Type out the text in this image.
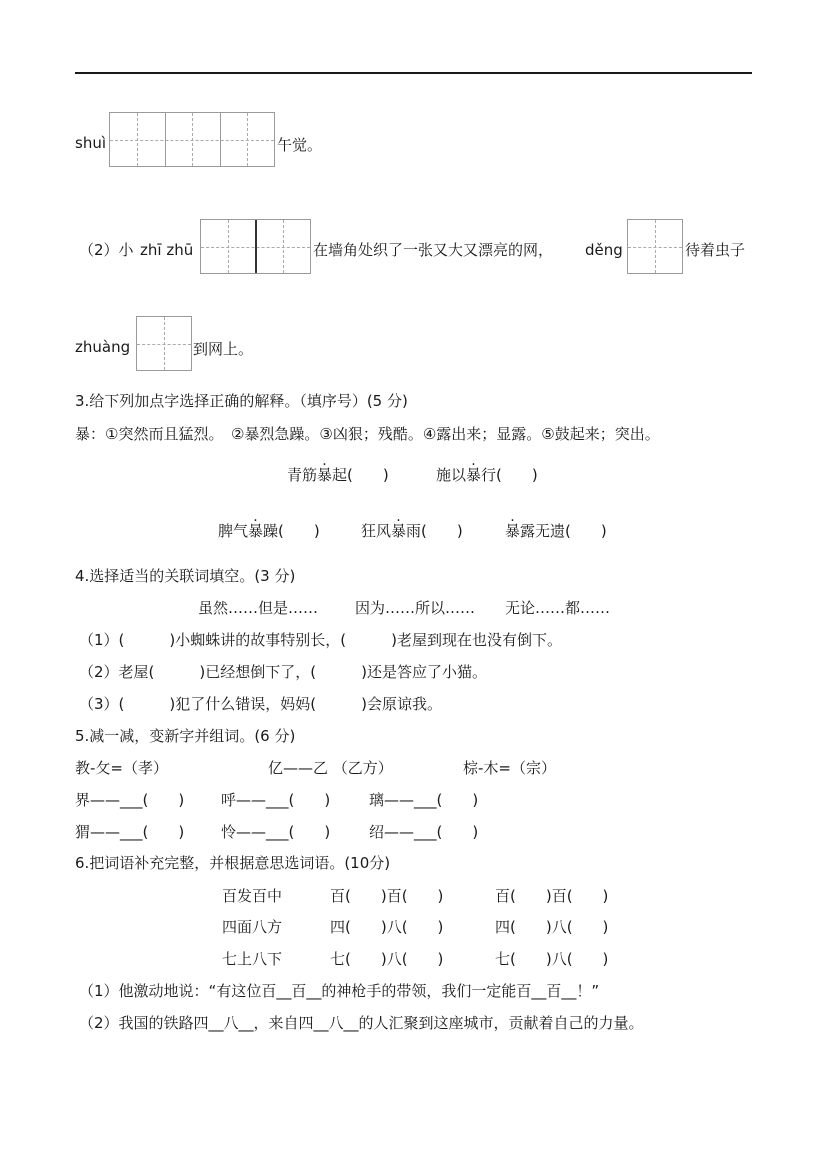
shuì	午觉。
（2）小 zhī zhū	在墙角处织了一张又大又漂亮的网， děng	待着虫子
zhuàng	到网上。
3.给下列加点字选择正确的解释。（填序号）(5 分)
暴：①突然而且猛烈。　②暴烈急躁。③凶狠；残酷。④露出来；显露。⑤鼓起来；突出。
青筋暴起(　　)	施以暴行(　　)
脾气暴躁(　　)	狂风暴雨(　　)	暴露无遗(　　)
4.选择适当的关联词填空。(3 分)
虽然……但是…… 因为……所以…… 无论……都……
（1）(　　　)小蜘蛛讲的故事特别长，(　　　)老屋到现在也没有倒下。
（2）老屋(　　　)已经想倒下了，(　　　)还是答应了小猫。
（3）(　　　)犯了什么错误，妈妈(　　　)会原谅我。
5.减一减，变新字并组词。(6 分)
教-攵=（孝）	亿——乙 （乙方）	棕-木=（宗）
界——___(　　) 呼——___(　　)	璃——___(　　)
猬——___(　　) 怜——___(　　)	绍——___(　　)
6.把词语补充完整，并根据意思选词语。(10分)
百发百中	百(　　)百(　　)	百(　　)百(　　)
四面八方	四(　　)八(　　)	四(　　)八(　　)
七上八下	七(　　)八(　　)	七(　　)八(　　)
（1）他激动地说：“有这位百__百__的神枪手的带领，我们一定能百__百__！”
（2）我国的铁路四__八__，来自四__八__的人汇聚到这座城市，贡献着自己的力量。
